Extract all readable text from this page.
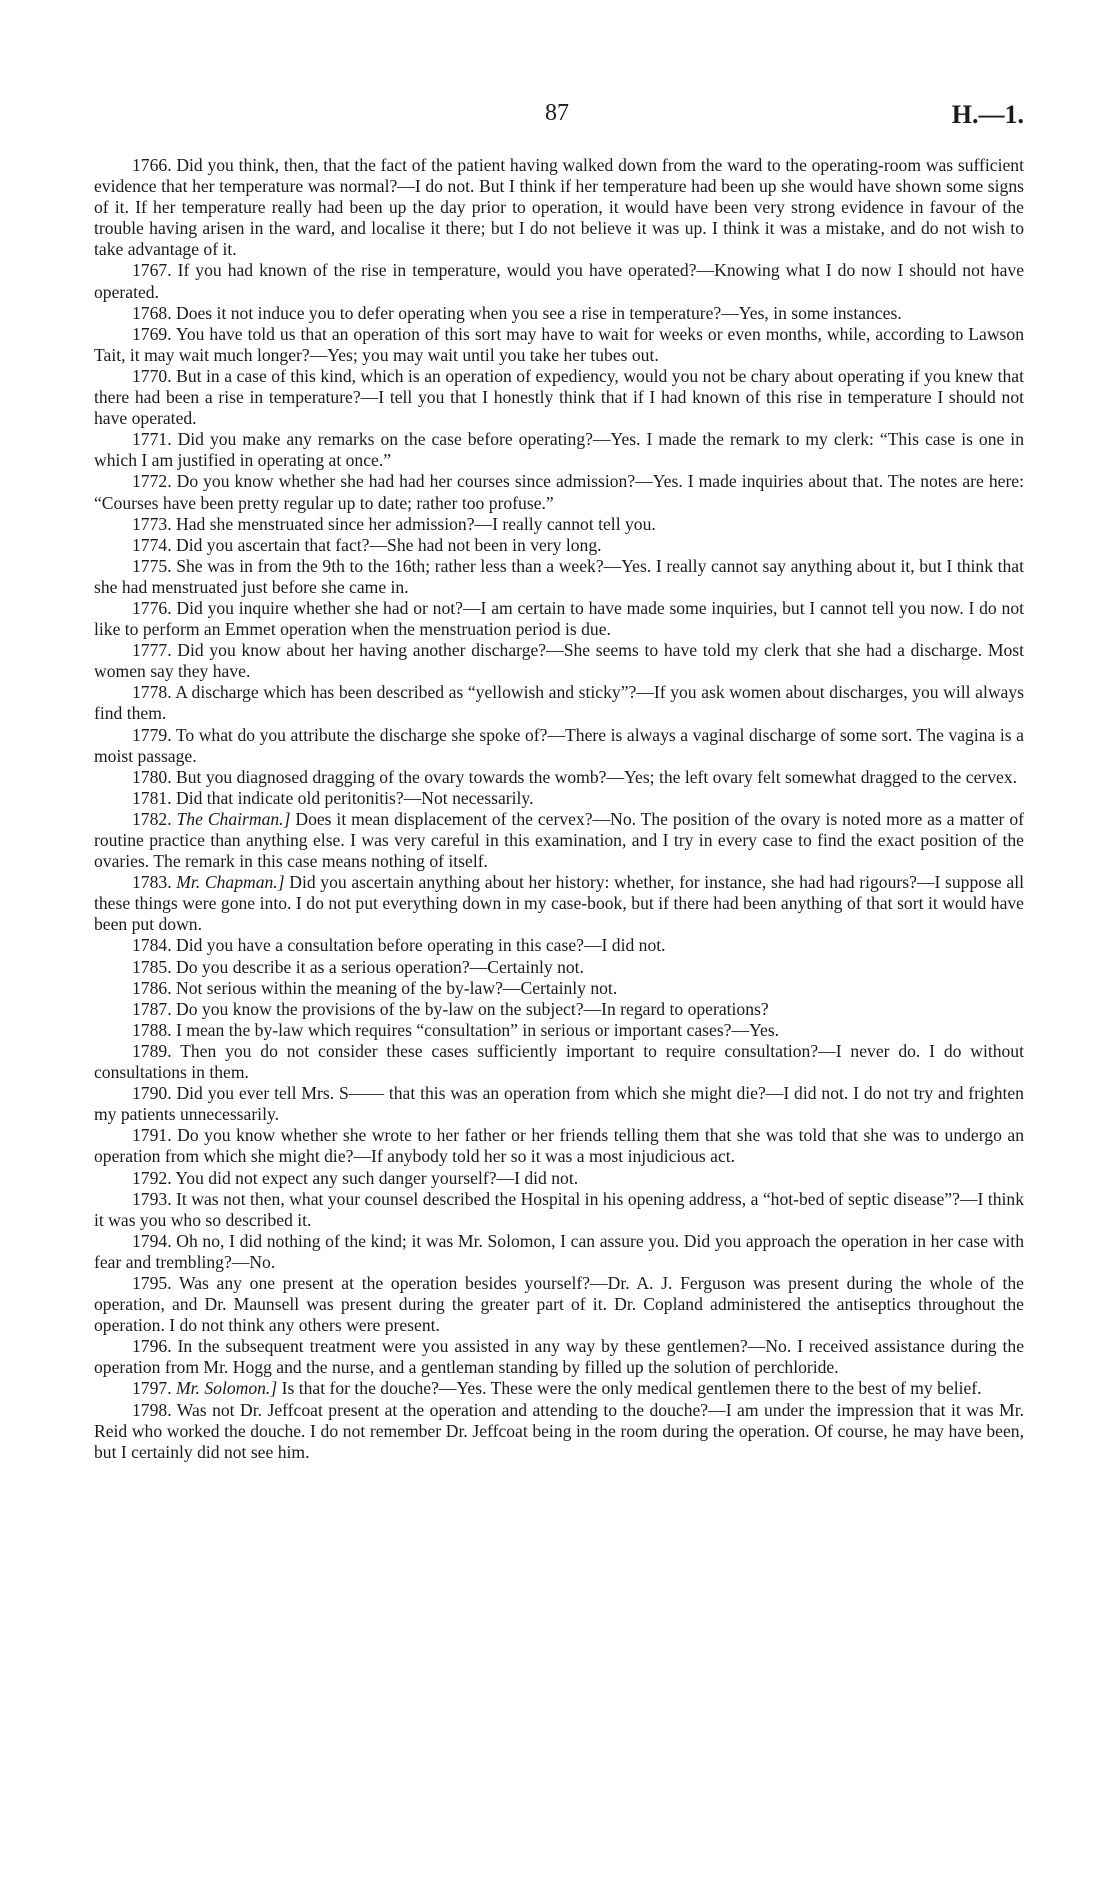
87	H.—1.

1766. Did you think, then, that the fact of the patient having walked down from the ward to the operating-room was sufficient evidence that her temperature was normal?—I do not. But I think if her temperature had been up she would have shown some signs of it. If her temperature really had been up the day prior to operation, it would have been very strong evidence in favour of the trouble having arisen in the ward, and localise it there; but I do not believe it was up. I think it was a mistake, and do not wish to take advantage of it.

1767. If you had known of the rise in temperature, would you have operated?—Knowing what I do now I should not have operated.

1768. Does it not induce you to defer operating when you see a rise in temperature?—Yes, in some instances.

1769. You have told us that an operation of this sort may have to wait for weeks or even months, while, according to Lawson Tait, it may wait much longer?—Yes; you may wait until you take her tubes out.

1770. But in a case of this kind, which is an operation of expediency, would you not be chary about operating if you knew that there had been a rise in temperature?—I tell you that I honestly think that if I had known of this rise in temperature I should not have operated.

1771. Did you make any remarks on the case before operating?—Yes. I made the remark to my clerk: “This case is one in which I am justified in operating at once.”

1772. Do you know whether she had had her courses since admission?—Yes. I made inquiries about that. The notes are here: “Courses have been pretty regular up to date; rather too profuse.”

1773. Had she menstruated since her admission?—I really cannot tell you.

1774. Did you ascertain that fact?—She had not been in very long.

1775. She was in from the 9th to the 16th; rather less than a week?—Yes. I really cannot say anything about it, but I think that she had menstruated just before she came in.

1776. Did you inquire whether she had or not?—I am certain to have made some inquiries, but I cannot tell you now. I do not like to perform an Emmet operation when the menstruation period is due.

1777. Did you know about her having another discharge?—She seems to have told my clerk that she had a discharge. Most women say they have.

1778. A discharge which has been described as “yellowish and sticky”?—If you ask women about discharges, you will always find them.

1779. To what do you attribute the discharge she spoke of?—There is always a vaginal discharge of some sort. The vagina is a moist passage.

1780. But you diagnosed dragging of the ovary towards the womb?—Yes; the left ovary felt somewhat dragged to the cervex.

1781. Did that indicate old peritonitis?—Not necessarily.

1782. The Chairman.] Does it mean displacement of the cervex?—No. The position of the ovary is noted more as a matter of routine practice than anything else. I was very careful in this examination, and I try in every case to find the exact position of the ovaries. The remark in this case means nothing of itself.

1783. Mr. Chapman.] Did you ascertain anything about her history: whether, for instance, she had had rigours?—I suppose all these things were gone into. I do not put everything down in my case-book, but if there had been anything of that sort it would have been put down.

1784. Did you have a consultation before operating in this case?—I did not.

1785. Do you describe it as a serious operation?—Certainly not.

1786. Not serious within the meaning of the by-law?—Certainly not.

1787. Do you know the provisions of the by-law on the subject?—In regard to operations?

1788. I mean the by-law which requires “consultation” in serious or important cases?—Yes.

1789. Then you do not consider these cases sufficiently important to require consultation?—I never do. I do without consultations in them.

1790. Did you ever tell Mrs. S—— that this was an operation from which she might die?—I did not. I do not try and frighten my patients unnecessarily.

1791. Do you know whether she wrote to her father or her friends telling them that she was told that she was to undergo an operation from which she might die?—If anybody told her so it was a most injudicious act.

1792. You did not expect any such danger yourself?—I did not.

1793. It was not then, what your counsel described the Hospital in his opening address, a “hot-bed of septic disease”?—I think it was you who so described it.

1794. Oh no, I did nothing of the kind; it was Mr. Solomon, I can assure you. Did you approach the operation in her case with fear and trembling?—No.

1795. Was any one present at the operation besides yourself?—Dr. A. J. Ferguson was present during the whole of the operation, and Dr. Maunsell was present during the greater part of it. Dr. Copland administered the antiseptics throughout the operation. I do not think any others were present.

1796. In the subsequent treatment were you assisted in any way by these gentlemen?—No. I received assistance during the operation from Mr. Hogg and the nurse, and a gentleman standing by filled up the solution of perchloride.

1797. Mr. Solomon.] Is that for the douche?—Yes. These were the only medical gentlemen there to the best of my belief.

1798. Was not Dr. Jeffcoat present at the operation and attending to the douche?—I am under the impression that it was Mr. Reid who worked the douche. I do not remember Dr. Jeffcoat being in the room during the operation. Of course, he may have been, but I certainly did not see him.
